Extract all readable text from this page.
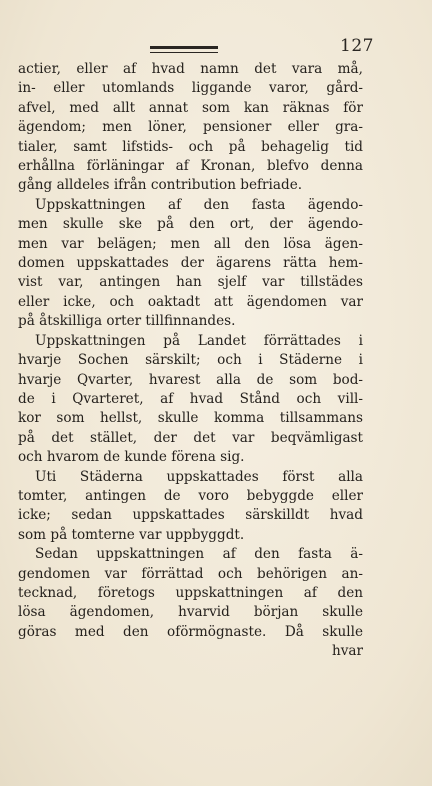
127
actier, eller af hvad namn det vara må,
in- eller utomlands liggande varor, gård-
afvel, med allt annat som kan räknas för
ägendom; men löner, pensioner eller gra-
tialer, samt lifstids- och på behagelig tid
erhållna förläningar af Kronan, blefvo denna
gång alldeles ifrån contribution befriade.
Uppskattningen af den fasta ägendo-
men skulle ske på den ort, der ägendo-
men var belägen; men all den lösa ägen-
domen uppskattades der ägarens rätta hem-
vist var, antingen han sjelf var tillstädes
eller icke, och oaktadt att ägendomen var
på åtskilliga orter tillfinnandes.
Uppskattningen på Landet förrättades i
hvarje Sochen särskilt; och i Städerne i
hvarje Qvarter, hvarest alla de som bod-
de i Qvarteret, af hvad Stånd och vill-
kor som hellst, skulle komma tillsammans
på det stället, der det var beqvämligast
och hvarom de kunde förena sig.
Uti Städerna uppskattades först alla
tomter, antingen de voro bebyggde eller
icke; sedan uppskattades särskilldt hvad
som på tomterne var uppbyggdt.
Sedan uppskattningen af den fasta ä-
gendomen var förrättad och behörigen an-
tecknad, företogs uppskattningen af den
lösa ägendomen, hvarvid början skulle
göras med den oförmögnaste. Då skulle
hvar
